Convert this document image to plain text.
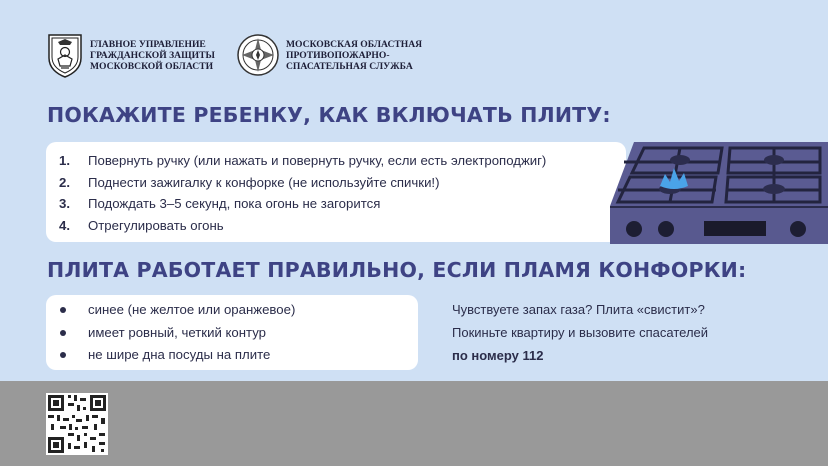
ГЛАВНОЕ УПРАВЛЕНИЕ
ГРАЖДАНСКОЙ ЗАЩИТЫ
МОСКОВСКОЙ ОБЛАСТИ
МОСКОВСКАЯ ОБЛАСТНАЯ
ПРОТИВОПОЖАРНО-
СПАСАТЕЛЬНАЯ СЛУЖБА
ПОКАЖИТЕ РЕБЕНКУ, КАК ВКЛЮЧАТЬ ПЛИТУ:
1.	Повернуть ручку (или нажать и повернуть ручку, если есть электроподжиг)
2.	Поднести зажигалку к конфорке (не используйте спички!)
3.	Подождать 3–5 секунд, пока огонь не загорится
4.	Отрегулировать огонь
ПЛИТА РАБОТАЕТ ПРАВИЛЬНО, ЕСЛИ ПЛАМЯ КОНФОРКИ:
синее (не желтое или оранжевое)
имеет ровный, четкий контур
не шире дна посуды на плите
Чувствуете запах газа? Плита «свистит»?
Покиньте квартиру и вызовите спасателей
по номеру 112
